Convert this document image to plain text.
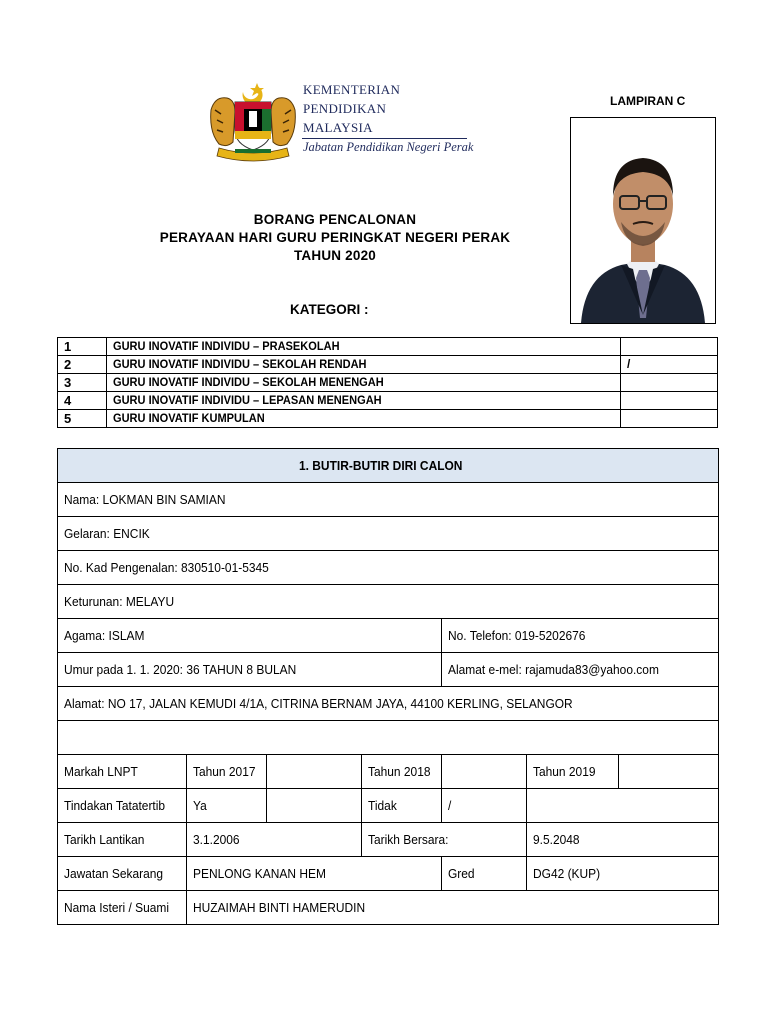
KEMENTERIAN
PENDIDIKAN
MALAYSIA
Jabatan Pendidikan Negeri Perak
LAMPIRAN C
BORANG PENCALONAN
PERAYAAN HARI GURU PERINGKAT NEGERI PERAK
TAHUN 2020
KATEGORI :
1	GURU INOVATIF INDIVIDU – PRASEKOLAH	
2	GURU INOVATIF INDIVIDU – SEKOLAH RENDAH	/
3	GURU INOVATIF INDIVIDU – SEKOLAH MENENGAH	
4	GURU INOVATIF INDIVIDU – LEPASAN MENENGAH	
5	GURU INOVATIF KUMPULAN	
1. BUTIR-BUTIR DIRI CALON						
Nama: LOKMAN BIN SAMIAN						
Gelaran: ENCIK						
No. Kad Pengenalan: 830510-01-5345						
Keturunan: MELAYU						
Agama: ISLAM				No. Telefon: 019-5202676		
Umur pada 1. 1. 2020: 36 TAHUN 8 BULAN				Alamat e-mel: rajamuda83@yahoo.com		
Alamat: NO 17, JALAN KEMUDI 4/1A, CITRINA BERNAM JAYA, 44100 KERLING, SELANGOR						

Markah LNPT	Tahun 2017		Tahun 2018		Tahun 2019	
Tindakan Tatatertib	Ya		Tidak	/		
Tarikh Lantikan	3.1.2006		Tarikh Bersara:		9.5.2048	
Jawatan Sekarang	PENLONG KANAN HEM			Gred	DG42 (KUP)	
Nama Isteri / Suami	HUZAIMAH BINTI HAMERUDIN					
